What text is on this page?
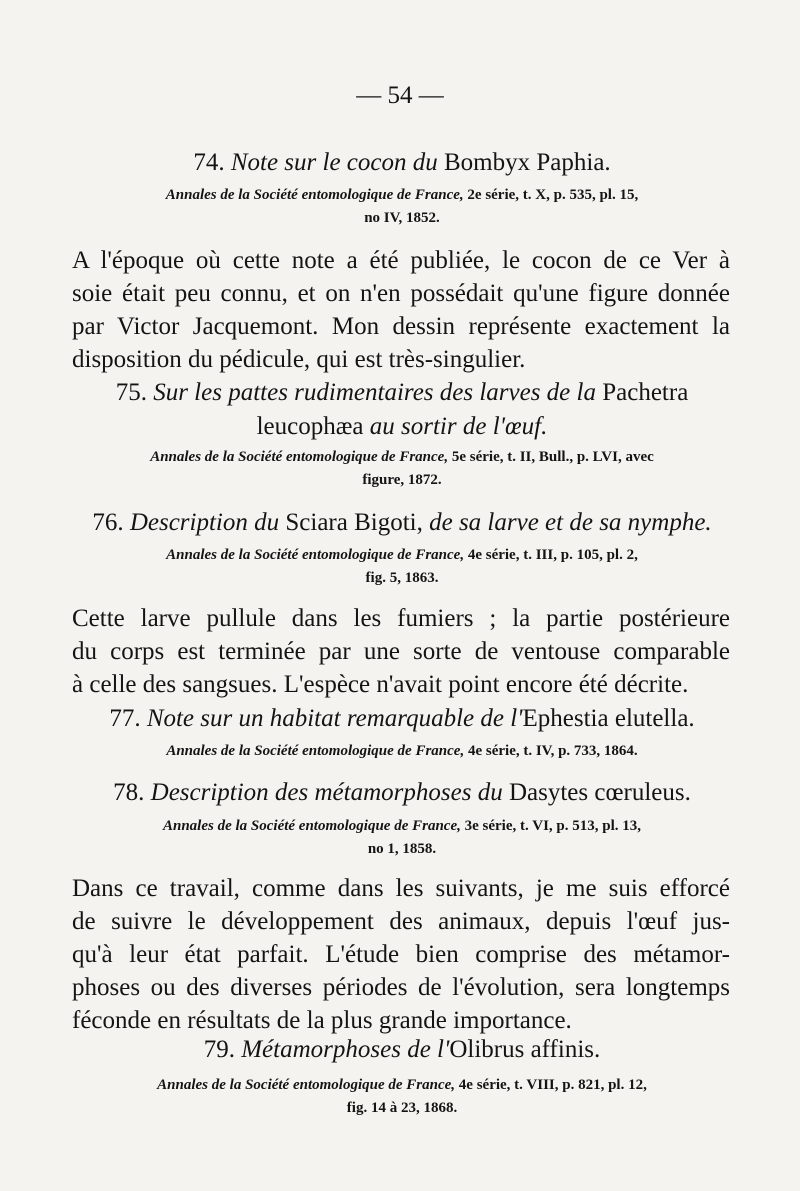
— 54 —
74. Note sur le cocon du Bombyx Paphia.
Annales de la Société entomologique de France, 2e série, t. X, p. 535, pl. 15,
no IV, 1852.
A l'époque où cette note a été publiée, le cocon de ce Ver à
soie était peu connu, et on n'en possédait qu'une figure donnée
par Victor Jacquemont. Mon dessin représente exactement la
disposition du pédicule, qui est très-singulier.
75. Sur les pattes rudimentaires des larves de la Pachetra
leucophæa au sortir de l'œuf.
Annales de la Société entomologique de France, 5e série, t. II, Bull., p. LVI, avec
figure, 1872.
76. Description du Sciara Bigoti, de sa larve et de sa nymphe.
Annales de la Société entomologique de France, 4e série, t. III, p. 105, pl. 2,
fig. 5, 1863.
Cette larve pullule dans les fumiers ; la partie postérieure
du corps est terminée par une sorte de ventouse comparable
à celle des sangsues. L'espèce n'avait point encore été décrite.
77. Note sur un habitat remarquable de l'Ephestia elutella.
Annales de la Société entomologique de France, 4e série, t. IV, p. 733, 1864.
78. Description des métamorphoses du Dasytes cœruleus.
Annales de la Société entomologique de France, 3e série, t. VI, p. 513, pl. 13,
no 1, 1858.
Dans ce travail, comme dans les suivants, je me suis efforcé
de suivre le développement des animaux, depuis l'œuf jus-
qu'à leur état parfait. L'étude bien comprise des métamor-
phoses ou des diverses périodes de l'évolution, sera longtemps
féconde en résultats de la plus grande importance.
79. Métamorphoses de l'Olibrus affinis.
Annales de la Société entomologique de France, 4e série, t. VIII, p. 821, pl. 12,
fig. 14 à 23, 1868.
